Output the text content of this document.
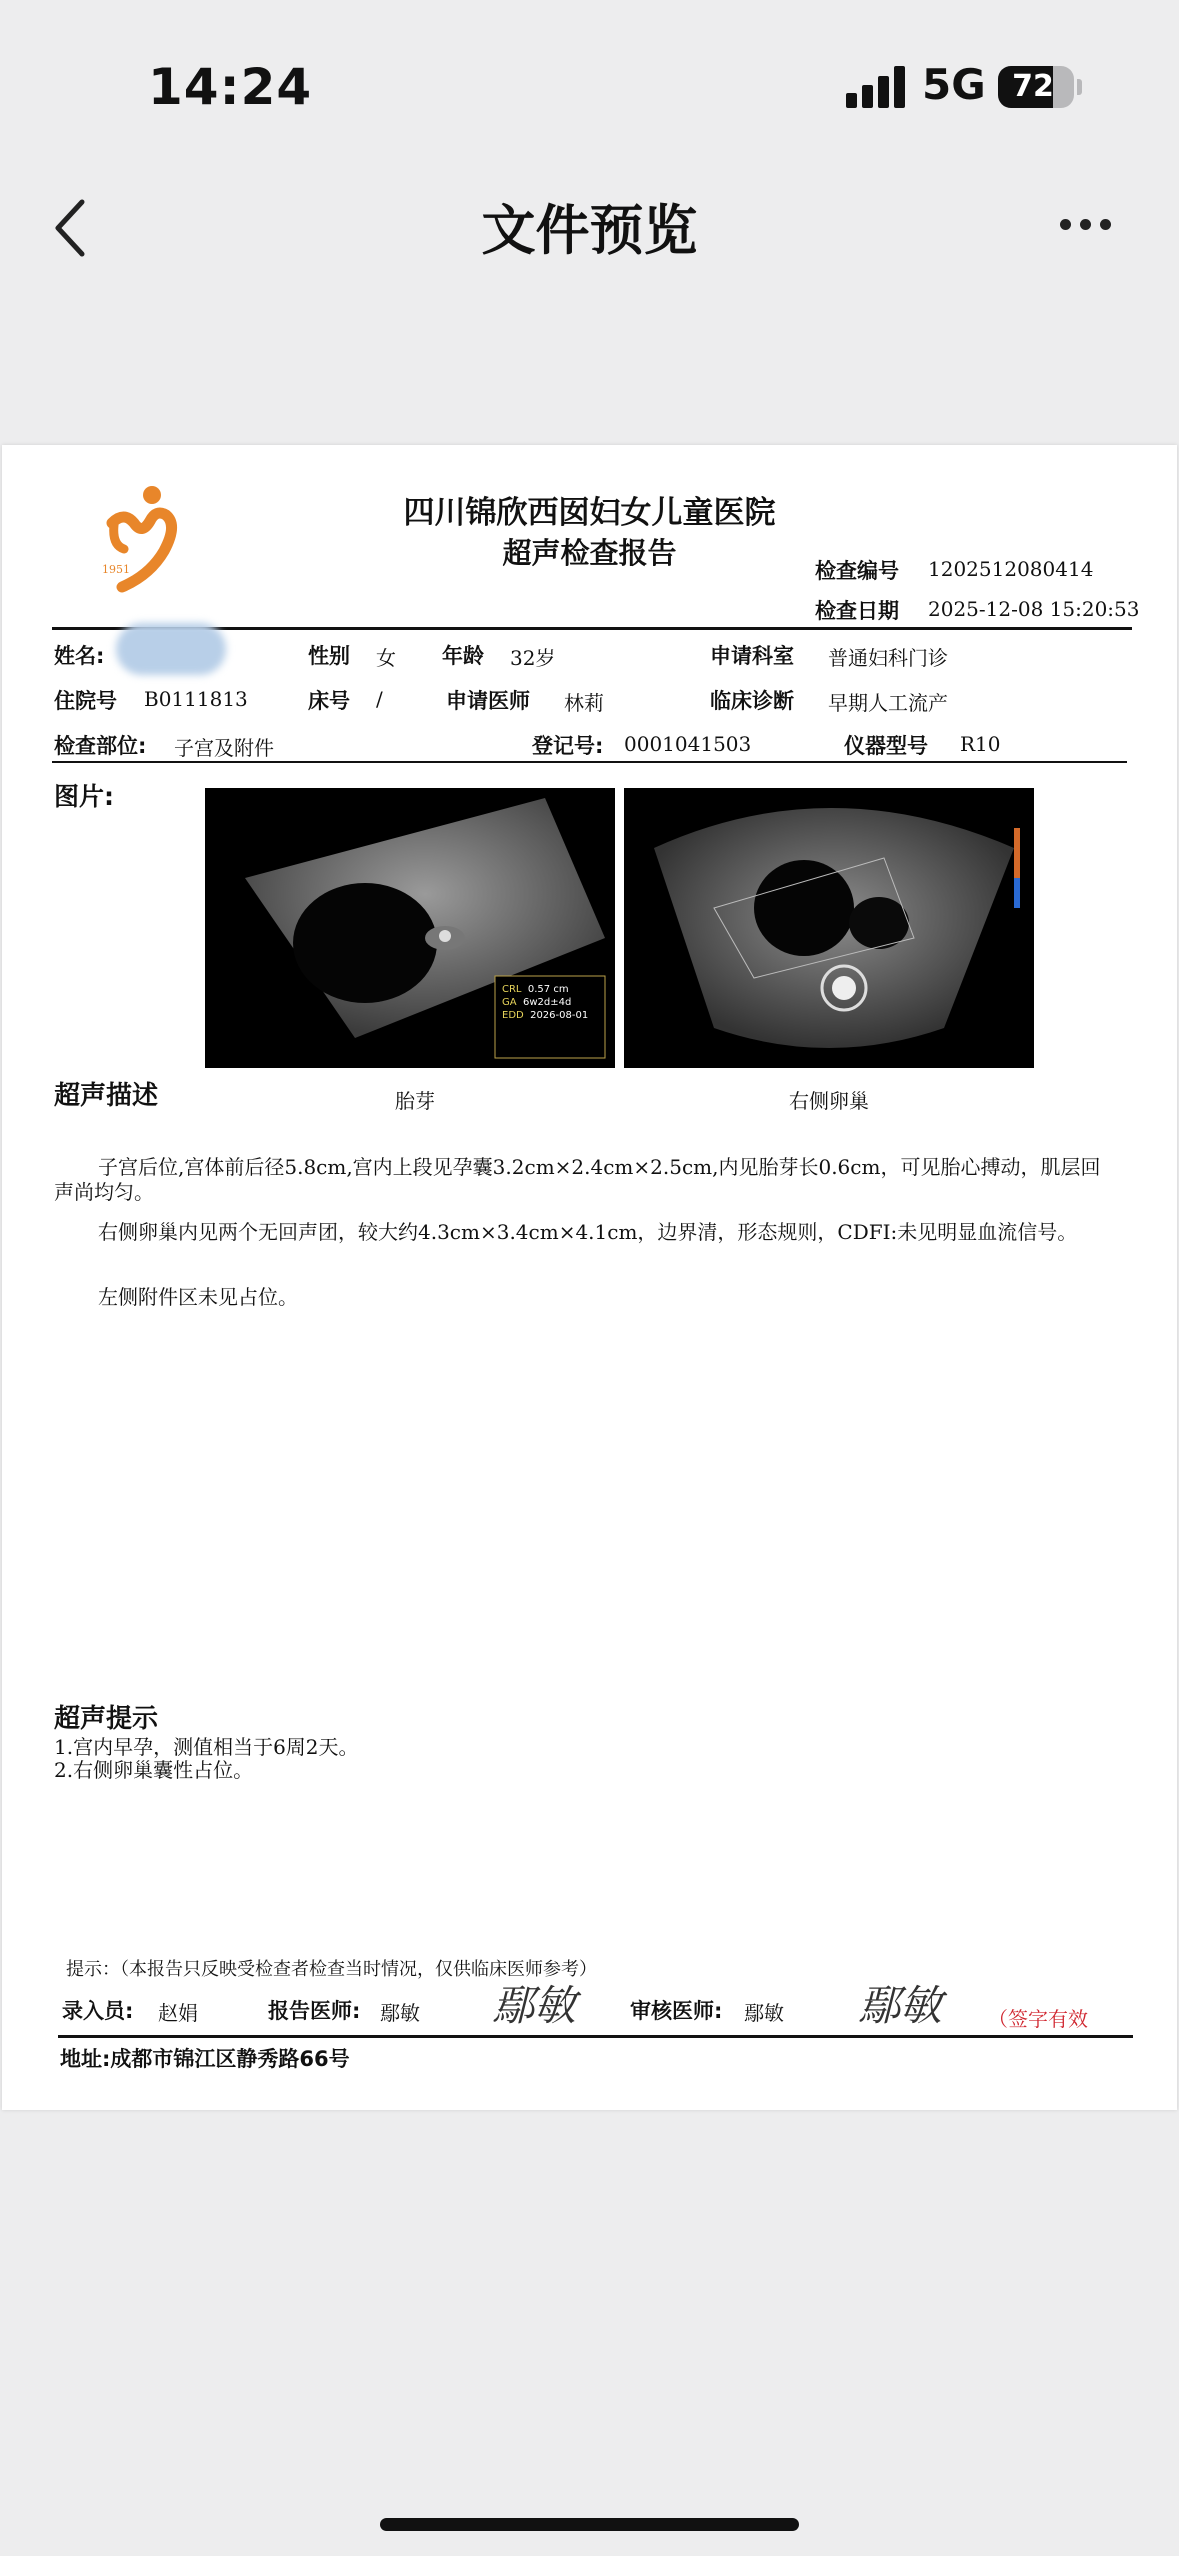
14:24	5G 72
文件预览
1951
四川锦欣西囡妇女儿童医院
超声检查报告
检查编号 1202512080414
检查日期 2025-12-08 15:20:53
姓名:	性别 女 年龄 32岁	申请科室 普通妇科门诊
住院号 B0111813	床号 /	申请医师 林莉	临床诊断 早期人工流产
检查部位: 子宫及附件	登记号: 0001041503	仪器型号 R10
图片:
CRL 0.57 cm
GA 6w2d±4d
EDD 2026-08-01
超声描述	胎芽	右侧卵巢
子宫后位,宫体前后径5.8cm,宫内上段见孕囊3.2cm×2.4cm×2.5cm,内见胎芽长0.6cm，可见胎心搏动，肌层回声尚均匀。
右侧卵巢内见两个无回声团，较大约4.3cm×3.4cm×4.1cm，边界清，形态规则，CDFI:未见明显血流信号。
左侧附件区未见占位。
超声提示
1.宫内早孕，测值相当于6周2天。
2.右侧卵巢囊性占位。
提示：（本报告只反映受检查者检查当时情况，仅供临床医师参考）
录入员: 赵娟	报告医师: 鄢敏 鄢敏	审核医师: 鄢敏 鄢敏 （签字有效
地址:成都市锦江区静秀路66号
